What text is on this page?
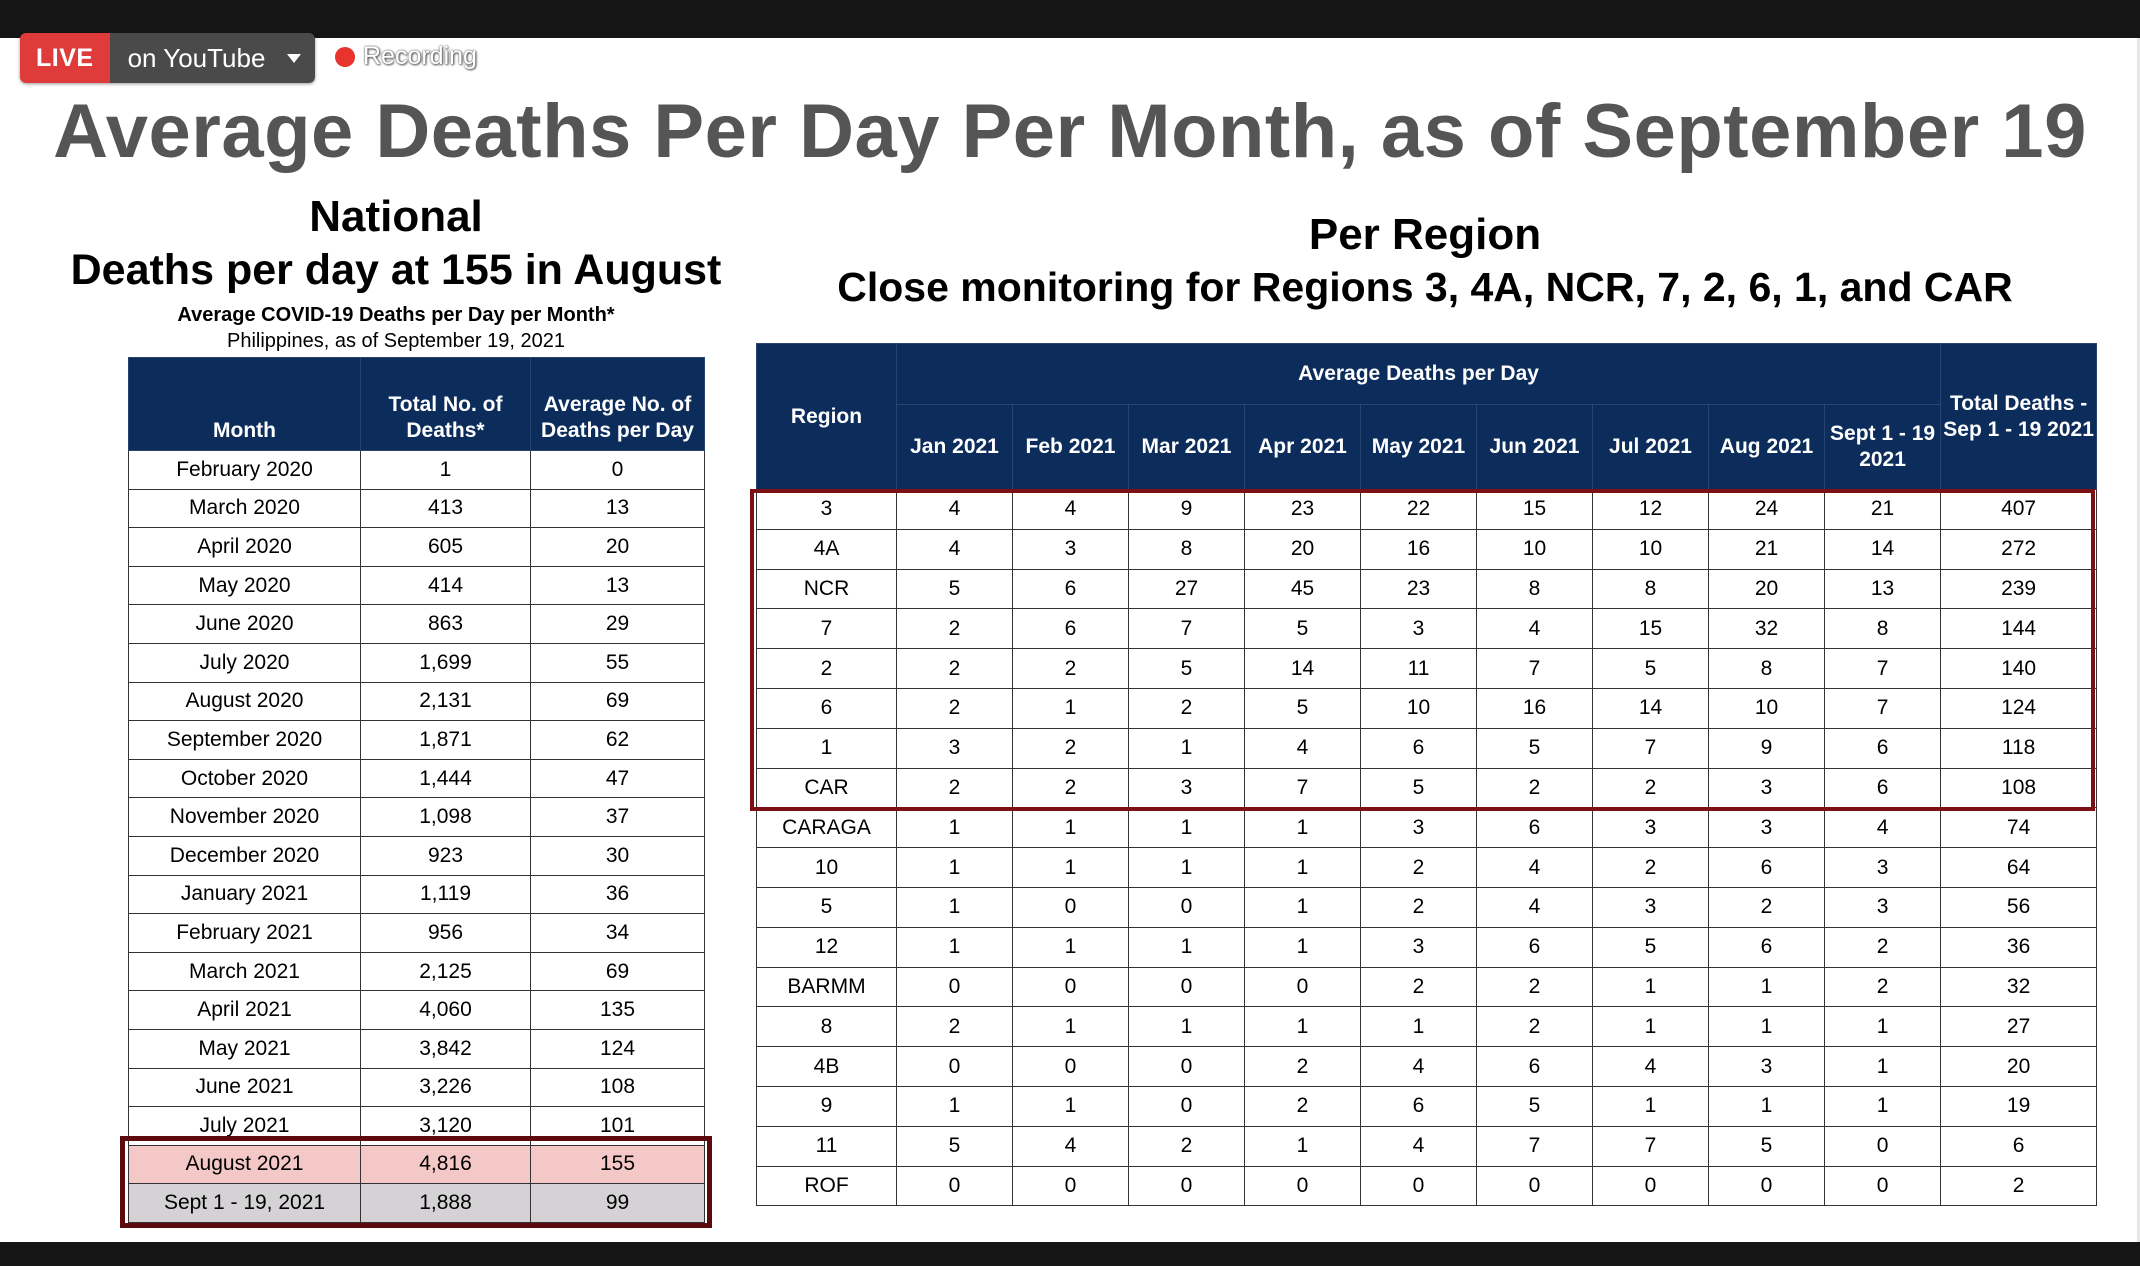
LIVE	on YouTube	Recording
Average Deaths Per Day Per Month, as of September 19
National
Deaths per day at 155 in August
Average COVID-19 Deaths per Day per Month*
Philippines, as of September 19, 2021
Month	Total No. of Deaths*	Average No. of Deaths per Day
February 2020	1	0
March 2020	413	13
April 2020	605	20
May 2020	414	13
June 2020	863	29
July 2020	1,699	55
August 2020	2,131	69
September 2020	1,871	62
October 2020	1,444	47
November 2020	1,098	37
December 2020	923	30
January 2021	1,119	36
February 2021	956	34
March 2021	2,125	69
April 2021	4,060	135
May 2021	3,842	124
June 2021	3,226	108
July 2021	3,120	101
August 2021	4,816	155
Sept 1 - 19, 2021	1,888	99
Per Region
Close monitoring for Regions 3, 4A, NCR, 7, 2, 6, 1, and CAR
Region	Average Deaths per Day									Total Deaths - Sep 1 - 19 2021
	Jan 2021	Feb 2021	Mar 2021	Apr 2021	May 2021	Jun 2021	Jul 2021	Aug 2021	Sept 1 - 19 2021	
3	4	4	9	23	22	15	12	24	21	407
4A	4	3	8	20	16	10	10	21	14	272
NCR	5	6	27	45	23	8	8	20	13	239
7	2	6	7	5	3	4	15	32	8	144
2	2	2	5	14	11	7	5	8	7	140
6	2	1	2	5	10	16	14	10	7	124
1	3	2	1	4	6	5	7	9	6	118
CAR	2	2	3	7	5	2	2	3	6	108
CARAGA	1	1	1	1	3	6	3	3	4	74
10	1	1	1	1	2	4	2	6	3	64
5	1	0	0	1	2	4	3	2	3	56
12	1	1	1	1	3	6	5	6	2	36
BARMM	0	0	0	0	2	2	1	1	2	32
8	2	1	1	1	1	2	1	1	1	27
4B	0	0	0	2	4	6	4	3	1	20
9	1	1	0	2	6	5	1	1	1	19
11	5	4	2	1	4	7	7	5	0	6
ROF	0	0	0	0	0	0	0	0	0	2
